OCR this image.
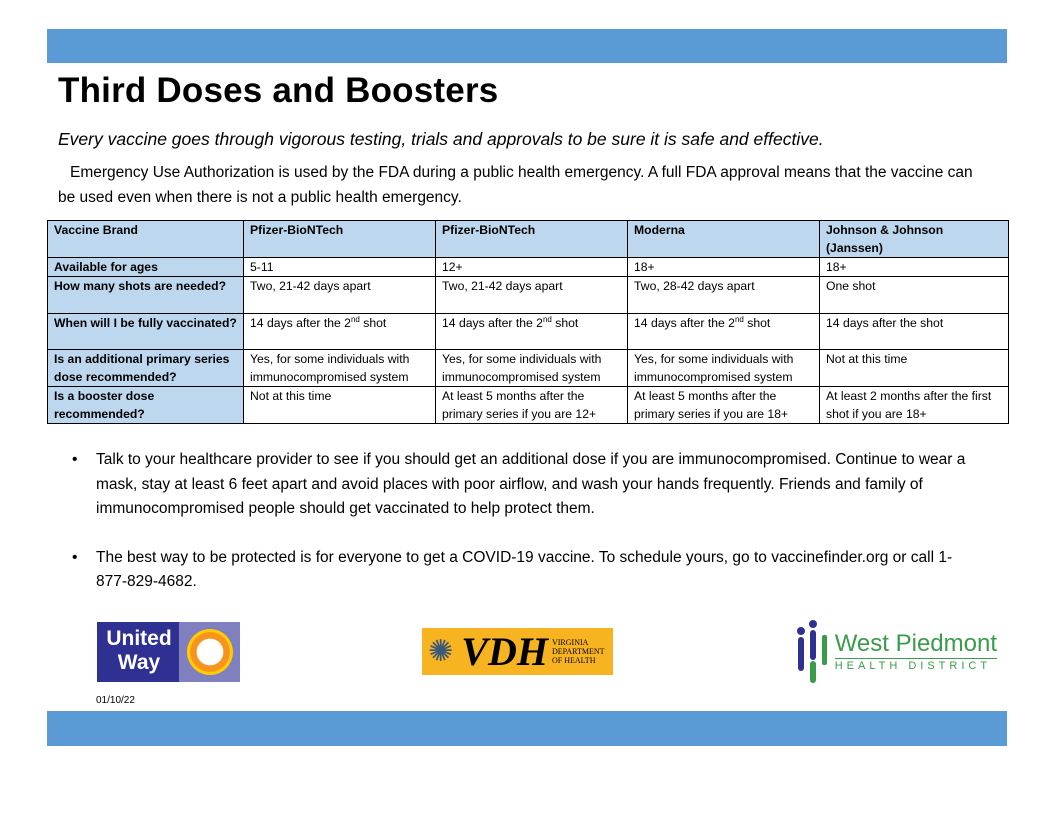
Third Doses and Boosters
Every vaccine goes through vigorous testing, trials and approvals to be sure it is safe and effective.
Emergency Use Authorization is used by the FDA during a public health emergency. A full FDA approval means that the vaccine can be used even when there is not a public health emergency.
Vaccine Brand	Pfizer-BioNTech	Pfizer-BioNTech	Moderna	Johnson & Johnson (Janssen)
Available for ages	5-11	12+	18+	18+
How many shots are needed?	Two, 21-42 days apart	Two, 21-42 days apart	Two, 28-42 days apart	One shot
When will I be fully vaccinated?	14 days after the 2nd shot	14 days after the 2nd shot	14 days after the 2nd shot	14 days after the shot
Is an additional primary series dose recommended?	Yes, for some individuals with immunocompromised system	Yes, for some individuals with immunocompromised system	Yes, for some individuals with immunocompromised system	Not at this time
Is a booster dose recommended?	Not at this time	At least 5 months after the primary series if you are 12+	At least 5 months after the primary series if you are 18+	At least 2 months after the first shot if you are 18+
• Talk to your healthcare provider to see if you should get an additional dose if you are immunocompromised. Continue to wear a mask, stay at least 6 feet apart and avoid places with poor airflow, and wash your hands frequently. Friends and family of immunocompromised people should get vaccinated to help protect them.
• The best way to be protected is for everyone to get a COVID-19 vaccine. To schedule yours, go to vaccinefinder.org or call 1-877-829-4682.
United
Way	✺ VDH VIRGINIA
DEPARTMENT
OF HEALTH
West Piedmont
HEALTH DISTRICT
01/10/22
